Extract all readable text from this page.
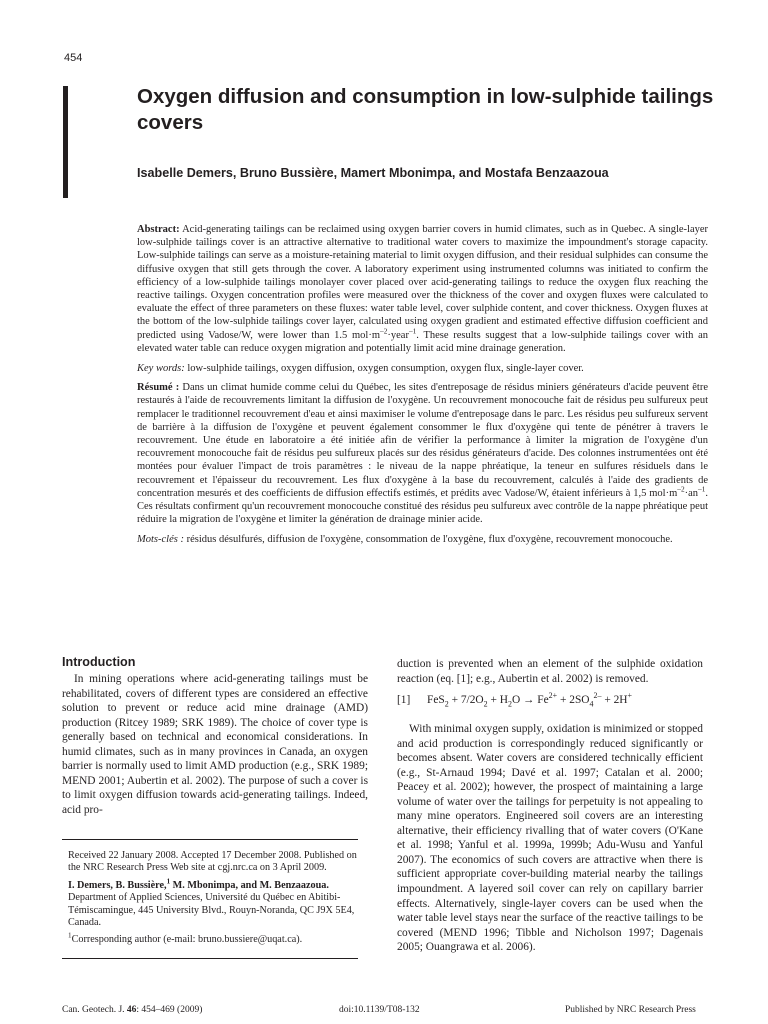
454
Oxygen diffusion and consumption in low-sulphide tailings covers

Isabelle Demers, Bruno Bussière, Mamert Mbonimpa, and Mostafa Benzaazoua

Abstract: Acid-generating tailings can be reclaimed using oxygen barrier covers in humid climates, such as in Quebec. A single-layer low-sulphide tailings cover is an attractive alternative to traditional water covers to maximize the impoundment's storage capacity. Low-sulphide tailings can serve as a moisture-retaining material to limit oxygen diffusion, and their residual sulphides can consume the diffusive oxygen that still gets through the cover. A laboratory experiment using instrumented columns was initiated to confirm the efficiency of a low-sulphide tailings monolayer cover placed over acid-generating tailings to reduce the oxygen flux reaching the reactive tailings. Oxygen concentration profiles were measured over the thickness of the cover and oxygen fluxes were calculated to evaluate the effect of three parameters on these fluxes: water table level, cover sulphide content, and cover thickness. Oxygen fluxes at the bottom of the low-sulphide tailings cover layer, calculated using oxygen gradient and estimated effective diffusion coefficient and predicted using Vadose/W, were lower than 1.5 $mol\cdot m^{-2}\cdot year^{-1}$. These results suggest that a low-sulphide tailings cover with an elevated water table can reduce oxygen migration and potentially limit acid mine drainage generation.

Key words: low-sulphide tailings, oxygen diffusion, oxygen consumption, oxygen flux, single-layer cover.

Résumé : Dans un climat humide comme celui du Québec, les sites d'entreposage de résidus miniers générateurs d'acide peuvent être restaurés à l'aide de recouvrements limitant la diffusion de l'oxygène. Un recouvrement monocouche fait de résidus peu sulfureux peut remplacer le traditionnel recouvrement d'eau et ainsi maximiser le volume d'entreposage dans le parc. Les résidus peu sulfureux servent de barrière à la diffusion de l'oxygène et peuvent également consommer le flux d'oxygène qui tente de pénétrer à travers le recouvrement. Une étude en laboratoire a été initiée afin de vérifier la performance à limiter la migration de l'oxygène d'un recouvrement monocouche fait de résidus peu sulfureux placés sur des résidus générateurs d'acide. Des colonnes instrumentées ont été montées pour évaluer l'impact de trois paramètres : le niveau de la nappe phréatique, la teneur en sulfures résiduels dans le recouvrement et l'épaisseur du recouvrement. Les flux d'oxygène à la base du recouvrement, calculés à l'aide des gradients de concentration mesurés et des coefficients de diffusion effectifs estimés, et prédits avec Vadose/W, étaient inférieurs à 1,5 $mol\cdot m^{-2}\cdot an^{-1}$. Ces résultats confirment qu'un recouvrement monocouche constitué des résidus peu sulfureux avec contrôle de la nappe phréatique peut réduire la migration de l'oxygène et limiter la génération de drainage minier acide.

Mots-clés : résidus désulfurés, diffusion de l'oxygène, consommation de l'oxygène, flux d'oxygène, recouvrement monocouche.

Introduction

In mining operations where acid-generating tailings must be rehabilitated, covers of different types are considered an effective solution to prevent or reduce acid mine drainage (AMD) production (Ritcey 1989; SRK 1989). The choice of cover type is generally based on technical and economical considerations. In humid climates, such as in many provinces in Canada, an oxygen barrier is normally used to limit AMD production (e.g., SRK 1989; MEND 2001; Aubertin et al. 2002). The purpose of such a cover is to limit oxygen diffusion towards acid-generating tailings. Indeed, acid pro-

duction is prevented when an element of the sulphide oxidation reaction (eq. [1]; e.g., Aubertin et al. 2002) is removed.

[1] $FeS_2 + 7/2O_2 + H_2O \to Fe^{2+} + 2SO_4^{2-} + 2H^+$

With minimal oxygen supply, oxidation is minimized or stopped and acid production is correspondingly reduced significantly or becomes absent. Water covers are considered technically efficient (e.g., St-Arnaud 1994; Davé et al. 1997; Catalan et al. 2000; Peacey et al. 2002); however, the prospect of maintaining a large volume of water over the tailings for perpetuity is not appealing to many mine operators. Engineered soil covers are an interesting alternative, their efficiency rivalling that of water covers (O'Kane et al. 1998; Yanful et al. 1999a, 1999b; Adu-Wusu and Yanful 2007). The economics of such covers are attractive when there is sufficient appropriate cover-building material nearby the tailings impoundment. A layered soil cover can rely on capillary barrier effects. Alternatively, single-layer covers can be used when the water table level stays near the surface of the reactive tailings to be covered (MEND 1996; Tibble and Nicholson 1997; Dagenais 2005; Ouangrawa et al. 2006).

Received 22 January 2008. Accepted 17 December 2008. Published on the NRC Research Press Web site at cgj.nrc.ca on 3 April 2009.

I. Demers, B. Bussière,$^1$ M. Mbonimpa, and M. Benzaazoua.
Department of Applied Sciences, Université du Québec en Abitibi-Témiscamingue, 445 University Blvd., Rouyn-Noranda, QC J9X 5E4, Canada.

$^1$Corresponding author (e-mail: bruno.bussiere@uqat.ca).

Can. Geotech. J. 46: 454–469 (2009)	doi:10.1139/T08-132	Published by NRC Research Press
